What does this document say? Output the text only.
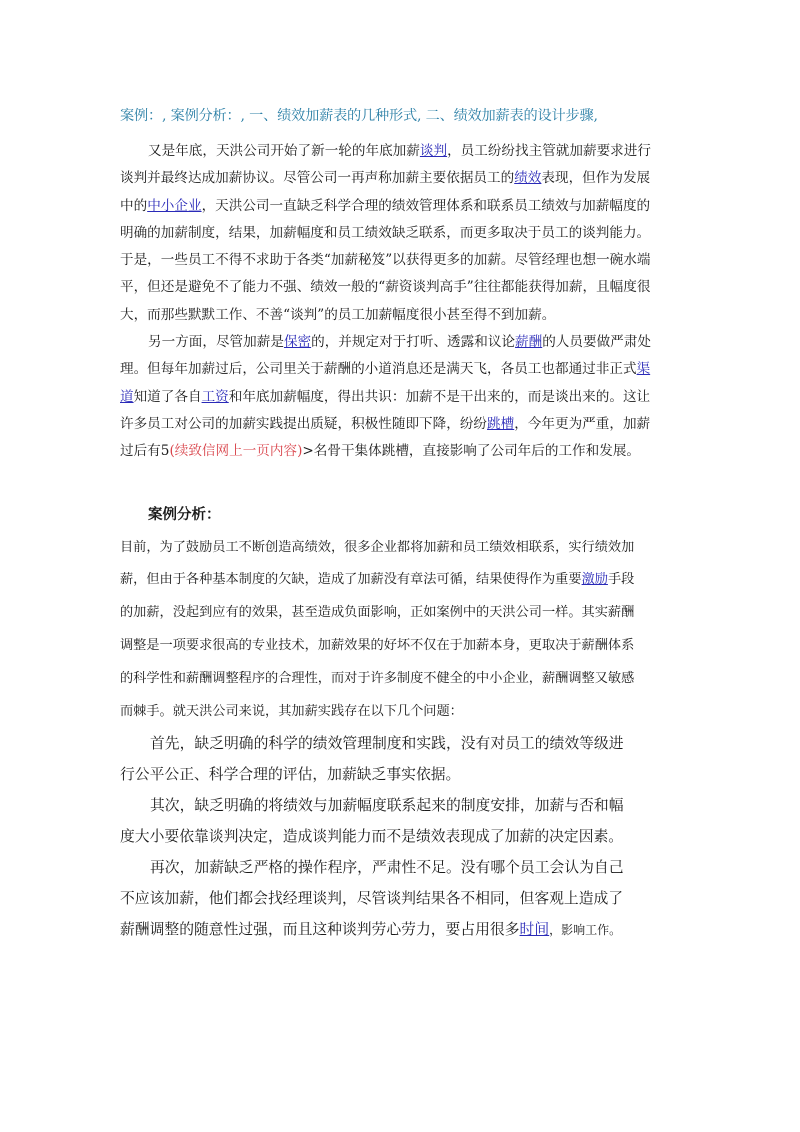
案例：, 案例分析：, 一、绩效加薪表的几种形式, 二、绩效加薪表的设计步骤,
又是年底，天洪公司开始了新一轮的年底加薪谈判，员工纷纷找主管就加薪要求进行
谈判并最终达成加薪协议。尽管公司一再声称加薪主要依据员工的绩效表现，但作为发展
中的中小企业，天洪公司一直缺乏科学合理的绩效管理体系和联系员工绩效与加薪幅度的
明确的加薪制度，结果，加薪幅度和员工绩效缺乏联系，而更多取决于员工的谈判能力。
于是，一些员工不得不求助于各类“加薪秘笈”以获得更多的加薪。尽管经理也想一碗水端
平，但还是避免不了能力不强、绩效一般的“薪资谈判高手”往往都能获得加薪，且幅度很
大，而那些默默工作、不善“谈判”的员工加薪幅度很小甚至得不到加薪。
另一方面，尽管加薪是保密的，并规定对于打听、透露和议论薪酬的人员要做严肃处
理。但每年加薪过后，公司里关于薪酬的小道消息还是满天飞，各员工也都通过非正式渠
道知道了各自工资和年底加薪幅度，得出共识：加薪不是干出来的，而是谈出来的。这让
许多员工对公司的加薪实践提出质疑，积极性随即下降，纷纷跳槽，今年更为严重，加薪
过后有5(续致信网上一页内容)>名骨干集体跳槽，直接影响了公司年后的工作和发展。
案例分析：
目前，为了鼓励员工不断创造高绩效，很多企业都将加薪和员工绩效相联系，实行绩效加
薪，但由于各种基本制度的欠缺，造成了加薪没有章法可循，结果使得作为重要激励手段
的加薪，没起到应有的效果，甚至造成负面影响，正如案例中的天洪公司一样。其实薪酬
调整是一项要求很高的专业技术，加薪效果的好坏不仅在于加薪本身，更取决于薪酬体系
的科学性和薪酬调整程序的合理性，而对于许多制度不健全的中小企业，薪酬调整又敏感
而棘手。就天洪公司来说，其加薪实践存在以下几个问题：
首先，缺乏明确的科学的绩效管理制度和实践，没有对员工的绩效等级进
行公平公正、科学合理的评估，加薪缺乏事实依据。
其次，缺乏明确的将绩效与加薪幅度联系起来的制度安排，加薪与否和幅
度大小要依靠谈判决定，造成谈判能力而不是绩效表现成了加薪的决定因素。
再次，加薪缺乏严格的操作程序，严肃性不足。没有哪个员工会认为自己
不应该加薪，他们都会找经理谈判，尽管谈判结果各不相同，但客观上造成了
薪酬调整的随意性过强，而且这种谈判劳心劳力，要占用很多时间，影响工作。
